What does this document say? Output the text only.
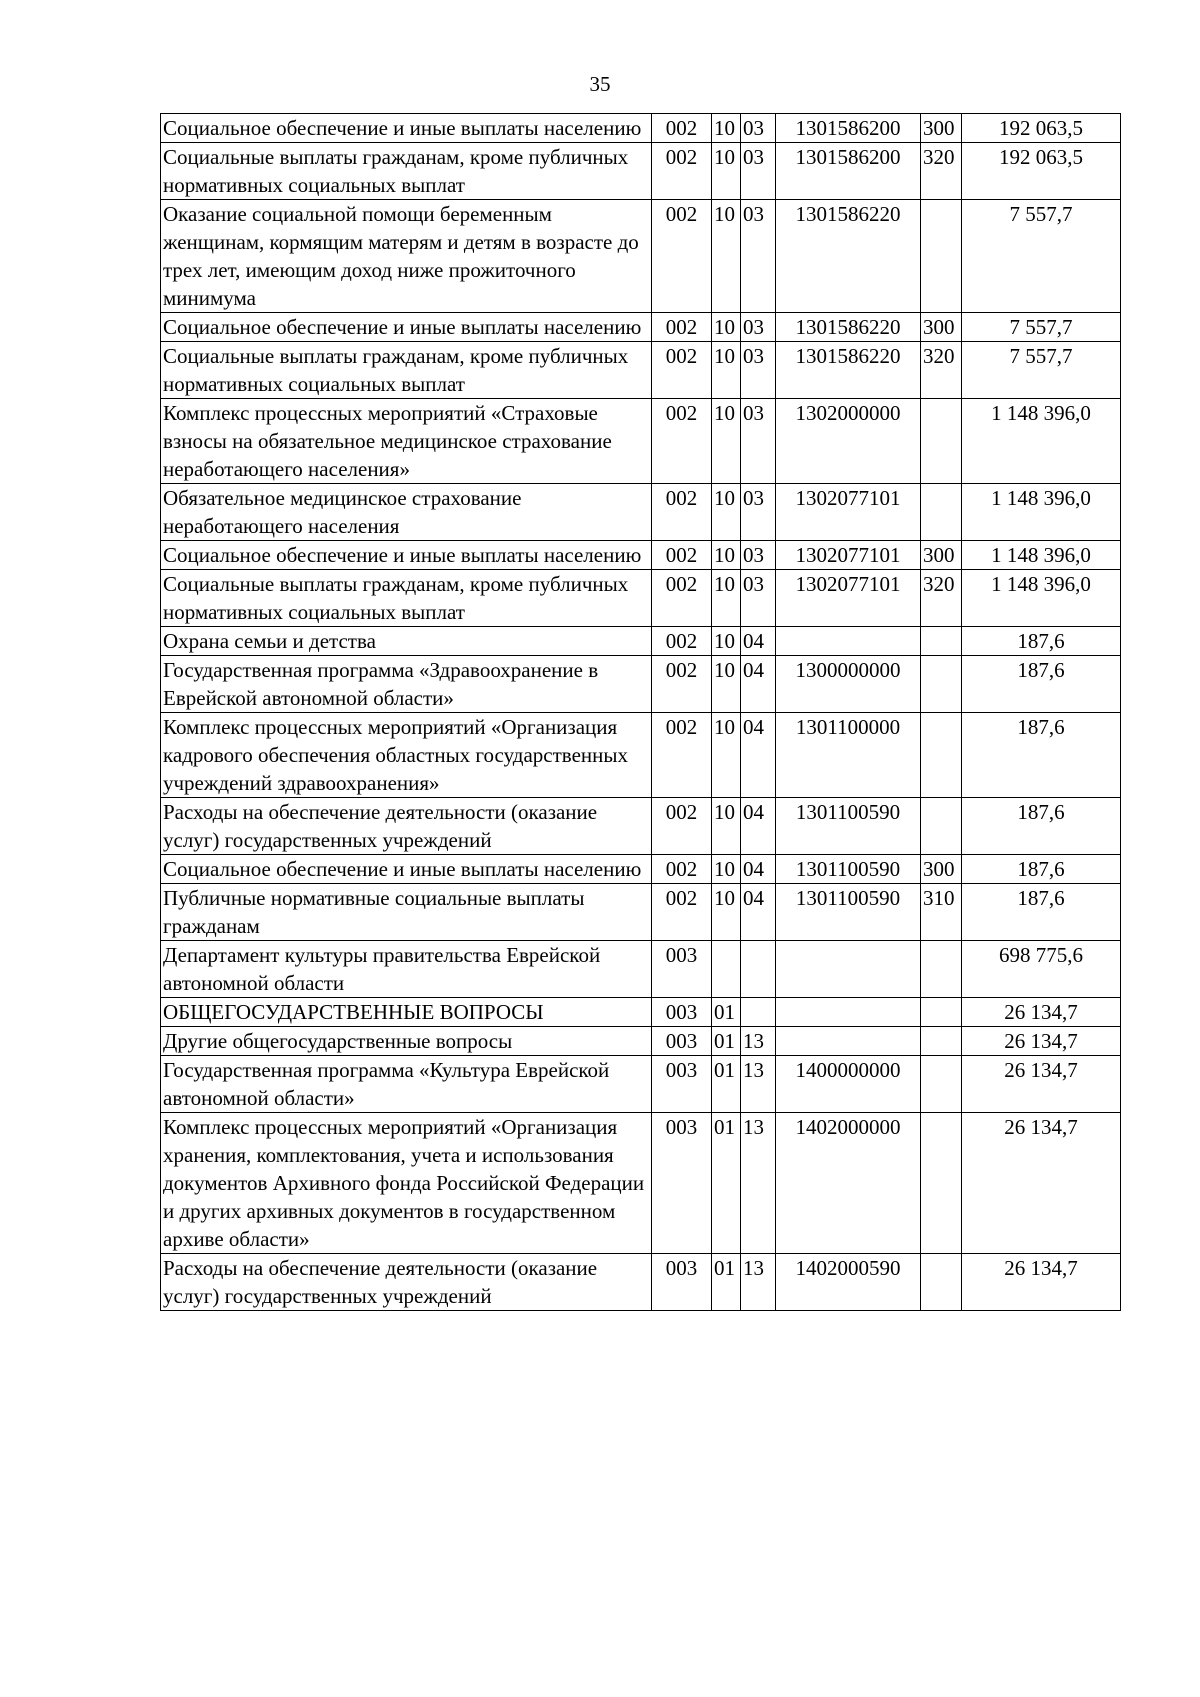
35
Социальное обеспечение и иные выплаты населению	002	10	03	1301586200	300	192 063,5
Социальные выплаты гражданам, кроме публичных нормативных социальных выплат	002	10	03	1301586200	320	192 063,5
Оказание социальной помощи беременным женщинам, кормящим матерям и детям в возрасте до трех лет, имеющим доход ниже прожиточного минимума	002	10	03	1301586220		7 557,7
Социальное обеспечение и иные выплаты населению	002	10	03	1301586220	300	7 557,7
Социальные выплаты гражданам, кроме публичных нормативных социальных выплат	002	10	03	1301586220	320	7 557,7
Комплекс процессных мероприятий «Страховые взносы на обязательное медицинское страхование неработающего населения»	002	10	03	1302000000		1 148 396,0
Обязательное медицинское страхование неработающего населения	002	10	03	1302077101		1 148 396,0
Социальное обеспечение и иные выплаты населению	002	10	03	1302077101	300	1 148 396,0
Социальные выплаты гражданам, кроме публичных нормативных социальных выплат	002	10	03	1302077101	320	1 148 396,0
Охрана семьи и детства	002	10	04			187,6
Государственная программа «Здравоохранение в Еврейской автономной области»	002	10	04	1300000000		187,6
Комплекс процессных мероприятий «Организация кадрового обеспечения областных государственных учреждений здравоохранения»	002	10	04	1301100000		187,6
Расходы на обеспечение деятельности (оказание услуг) государственных учреждений	002	10	04	1301100590		187,6
Социальное обеспечение и иные выплаты населению	002	10	04	1301100590	300	187,6
Публичные нормативные социальные выплаты гражданам	002	10	04	1301100590	310	187,6
Департамент культуры правительства Еврейской автономной области	003					698 775,6
ОБЩЕГОСУДАРСТВЕННЫЕ ВОПРОСЫ	003	01				26 134,7
Другие общегосударственные вопросы	003	01	13			26 134,7
Государственная программа «Культура Еврейской автономной области»	003	01	13	1400000000		26 134,7
Комплекс процессных мероприятий «Организация хранения, комплектования, учета и использования документов Архивного фонда Российской Федерации и других архивных документов в государственном архиве области»	003	01	13	1402000000		26 134,7
Расходы на обеспечение деятельности (оказание услуг) государственных учреждений	003	01	13	1402000590		26 134,7
